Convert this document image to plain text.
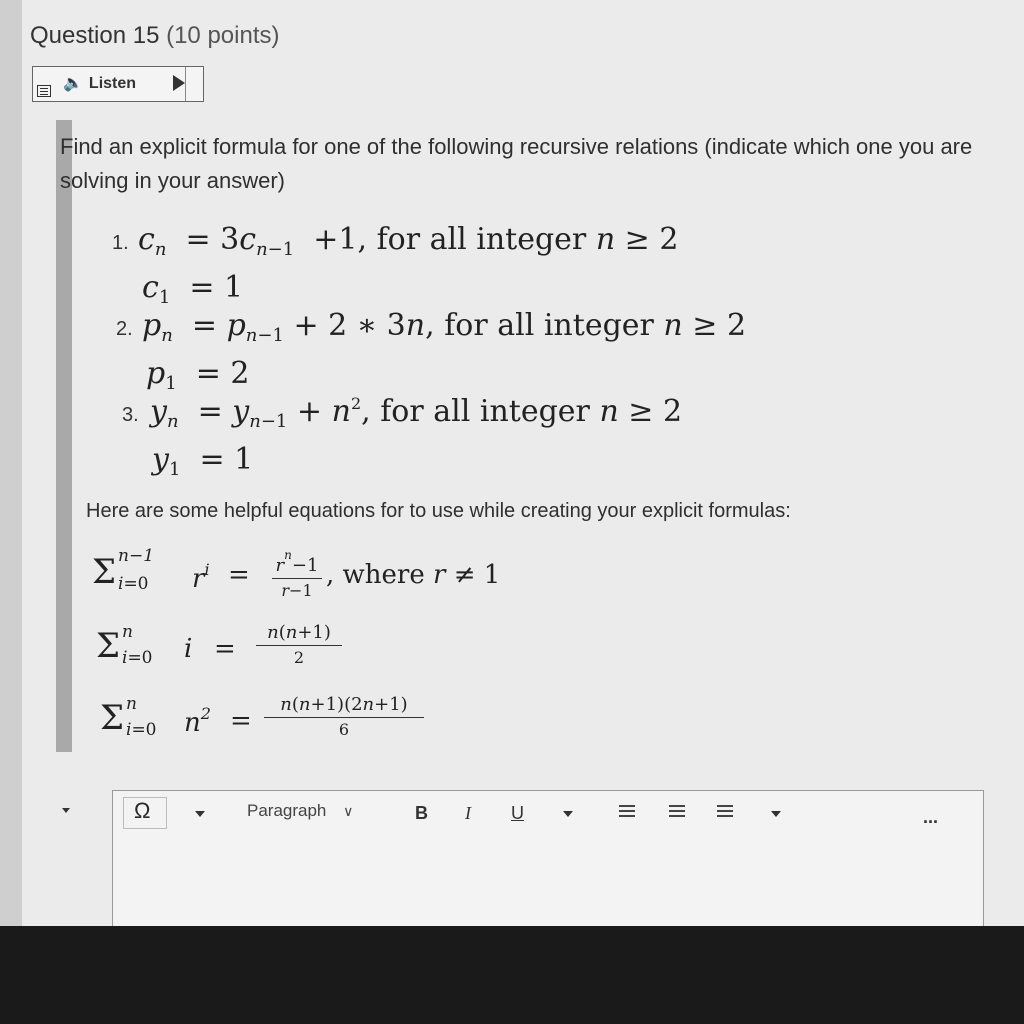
Question 15 (10 points)
🔈 Listen
Find an explicit formula for one of the following recursive relations (indicate which one you are solving in your answer)
1. $c_n = 3c_{n-1} +1$, for all integer n ≥ 2
$c_1 = 1$
2. $p_n = p_{n-1} + 2$ ∗ 3n, for all integer n ≥ 2
$p_1 = 2$
3. $y_n = y_{n-1} + n^2$, for all integer n ≥ 2
$y_1 = 1$
Here are some helpful equations for to use while creating your explicit formulas:
Σ n−1
i=0 $r^i = r^n-1$
r−1
, where r ≠ 1
Σ n
i=0 i =
n(n+1)
2
Σ n
i=0 $n^2$ =
n(n+1)(2n+1)
6
Ω	Paragraph ∨	B I U	...
